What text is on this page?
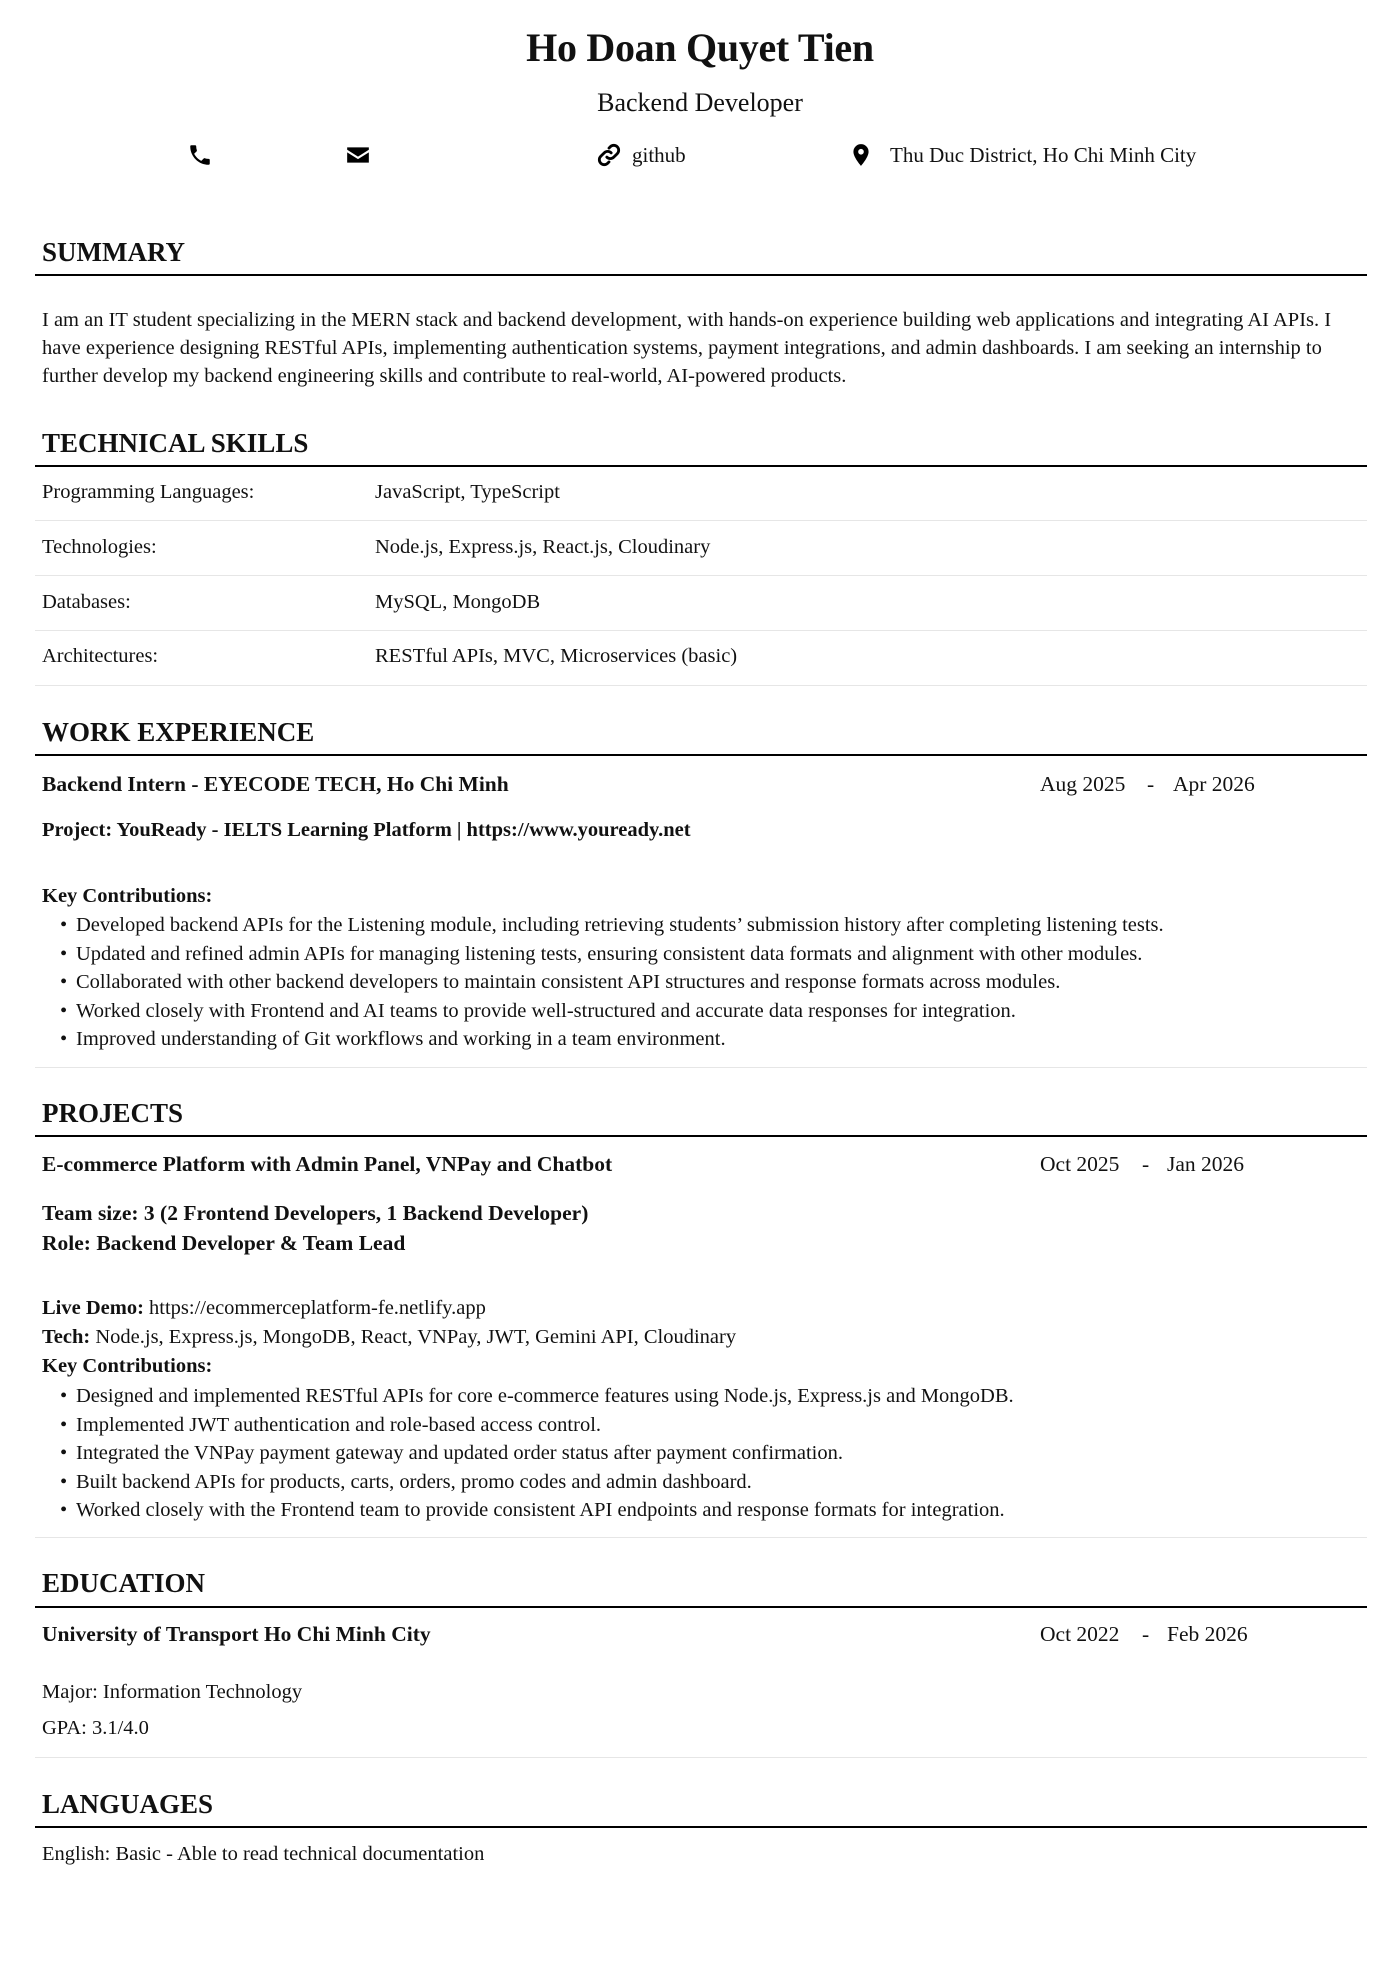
Ho Doan Quyet Tien
Backend Developer
github	Thu Duc District, Ho Chi Minh City
SUMMARY
I am an IT student specializing in the MERN stack and backend development, with hands-on experience building web applications and integrating AI APIs. I have experience designing RESTful APIs, implementing authentication systems, payment integrations, and admin dashboards. I am seeking an internship to further develop my backend engineering skills and contribute to real-world, AI-powered products.
TECHNICAL SKILLS
Programming Languages:	JavaScript, TypeScript
Technologies:	Node.js, Express.js, React.js, Cloudinary
Databases:	MySQL, MongoDB
Architectures:	RESTful APIs, MVC, Microservices (basic)
WORK EXPERIENCE
Backend Intern - EYECODE TECH, Ho Chi Minh	Aug 2025 - Apr 2026
Project: YouReady - IELTS Learning Platform | https://www.youready.net
Key Contributions:
• Developed backend APIs for the Listening module, including retrieving students’ submission history after completing listening tests.
• Updated and refined admin APIs for managing listening tests, ensuring consistent data formats and alignment with other modules.
• Collaborated with other backend developers to maintain consistent API structures and response formats across modules.
• Worked closely with Frontend and AI teams to provide well-structured and accurate data responses for integration.
• Improved understanding of Git workflows and working in a team environment.
PROJECTS
E-commerce Platform with Admin Panel, VNPay and Chatbot	Oct 2025 - Jan 2026
Team size: 3 (2 Frontend Developers, 1 Backend Developer)
Role: Backend Developer & Team Lead
Live Demo: https://ecommerceplatform-fe.netlify.app
Tech: Node.js, Express.js, MongoDB, React, VNPay, JWT, Gemini API, Cloudinary
Key Contributions:
• Designed and implemented RESTful APIs for core e-commerce features using Node.js, Express.js and MongoDB.
• Implemented JWT authentication and role-based access control.
• Integrated the VNPay payment gateway and updated order status after payment confirmation.
• Built backend APIs for products, carts, orders, promo codes and admin dashboard.
• Worked closely with the Frontend team to provide consistent API endpoints and response formats for integration.
EDUCATION
University of Transport Ho Chi Minh City	Oct 2022 - Feb 2026
Major: Information Technology
GPA: 3.1/4.0
LANGUAGES
English: Basic - Able to read technical documentation
